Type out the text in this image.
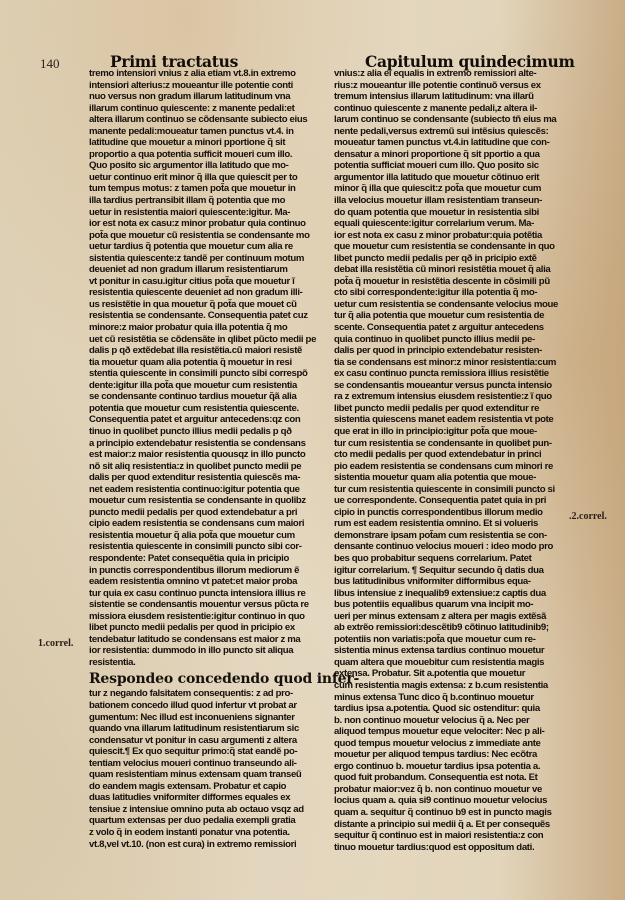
140	Primi tractatus	Capitulum quindecimum
tremo intensiori vnius z alia etiam vt.8.in extremo
intensiori alterius:z moueantur ille potentie conti
nuo versus non gradum illarum latitudinum vna
illarum continuo quiescente: z manente pedali:et
altera illarum continuo se cõdensante subiecto eius
manente pedali:moueatur tamen punctus vt.4. in
latitudine que mouetur a minori pportione q̃ sit
proportio a qua potentia sufficit moueri cum illo.
Quo posito sic argumentor illa latitudo que mo-
uetur continuo erit minor q̃ illa que quiescit per to
tum tempus motus: z tamen pot̃a que mouetur in
illa tardius pertransibit illam q̃ potentia que mo
uetur in resistentia maiori quiescente:igitur. Ma-
ior est nota ex casu:z minor probatur quia continuo
pot̃a que mouetur cũ resistentia se condensante mo
uetur tardius q̃ potentia que mouetur cum alia re
sistentia quiescente:z tandẽ per continuum motum
deueniet ad non gradum illarum resistentiarum
vt ponitur in casu.igitur citius pot̃a que mouetur ĩ
resistentia quiescente deueniet ad non gradum illi-
us resistẽtie in qua mouetur q̃ pot̃a que mouet cũ
resistentia se condensante. Consequentia patet cuz
minore:z maior probatur quia illa potentia q̃ mo
uet cũ resistẽtia se cõdensãte in qlibet pũcto medii pe
dalis p qð extẽdebat illa resistẽtia.cũ maiori resistẽ
tia mouetur quam alia potentia q̃ mouetur in resi
stentia quiescente in consimili puncto sibi correspõ
dente:igitur illa pot̃a que mouetur cum resistentia
se condensante continuo tardius mouetur q̃ã alia
potentia que mouetur cum resistentia quiescente.
Consequentia patet et arguitur antecedens:qz con
tinuo in quolibet puncto illius medii pedalis p qð
a principio extendebatur resistentia se condensans
est maior:z maior resistentia quousqz in illo puncto
nõ sit aliq resistentia:z in quolibet puncto medii pe
dalis per quod extenditur resistentia quiescẽs ma-
net eadem resistentia continuo:igitur potentia que
mouetur cum resistentia se condensante in quolibz
puncto medii pedalis per quod extendebatur a pri
cipio eadem resistentia se condensans cum maiori
resistentia mouetur q̃ alia pot̃a que mouetur cum
resistentia quiescente in consimili puncto sibi cor-
respondente: Patet consequẽtia quia in pricipio
in punctis correspondentibus illorum mediorum ẽ
eadem resistentia omnino vt patet:et maior proba
tur quia ex casu continuo puncta intensiora illius re
sistentie se condensantis mouentur versus pũcta re
missiora eiusdem resistentie:igitur continuo in quo
libet puncto medii pedalis per quod in pricipio ex
tendebatur latitudo se condensans est maior z ma
ior resistentia: dummodo in illo puncto sit aliqua
resistentia.
Respondeo concedendo quod infer-
tur z negando falsitatem consequentis: z ad pro-
bationem concedo illud quod infertur vt probat ar
gumentum: Nec illud est inconueniens signanter
quando vna illarum latitudinum resistentiarum sic
condensatur vt ponitur in casu argumenti z altera
quiescit.¶ Ex quo sequitur primo:q̃ stat eandẽ po-
tentiam velocius moueri continuo transeundo ali-
quam resistentiam minus extensam quam transeũ
do eandem magis extensam. Probatur et capio
duas latitudies vniformiter difformes equales ex
tensiue z intensiue omnino puta ab octauo vsqz ad
quartum extensas per duo pedalia exempli gratia
z volo q̃ in eodem instanti ponatur vna potentia.
vt.8,vel vt.10. (non est cura) in extremo remissiori
vnius:z alia ei equalis in extremo remissiori alte-
rius:z moueantur ille potentie continuõ versus ex
tremum intensius illarum latitudinum: vna illarũ
continuo quiescente z manente pedali,z altera il-
larum continuo se condensante (subiecto tñ eius ma
nente pedali,versus extremũ sui intẽsius quiescẽs:
moueatur tamen punctus vt.4.in latitudine que con-
densatur a minori proportione q̃ sit pportio a qua
potentia sufficiat moueri cum illo. Quo posito sic
argumentor illa latitudo que mouetur cõtinuo erit
minor q̃ illa que quiescit:z pot̃a que mouetur cum
illa velocius mouetur illam resistentiam transeun-
do quam potentia que mouetur in resistentia sibi
equali quiescente:igitur correlarium verum. Ma-
ior est nota ex casu z minor probatur:quia potẽtia
que mouetur cum resistentia se condensante in quo
libet puncto medii pedalis per qð in pricipio extẽ
debat illa resistẽtia cũ minori resistẽtia mouet q̃ alia
pot̃a q̃ mouetur in resistẽtia descente in cõsimili pũ
cto sibi correspondente:igitur illa potentia q̃ mo-
uetur cum resistentia se condensante velocius moue
tur q̃ alia potentia que mouetur cum resistentia de
scente. Consequentia patet z arguitur antecedens
quia continuo in quolibet puncto illius medii pe-
dalis per quod in principio extendebatur resisten-
tia se condensans est minor:z minor resistentia:cum
ex casu continuo puncta remissiora illius resistẽtie
se condensantis moueantur versus puncta intensio
ra z extremum intensius eiusdem resistentie:z ĩ quo
libet puncto medii pedalis per quod extenditur re
sistentia quiescens manet eadem resistentia vt pote
que erat in illo in principio:igitur pot̃a que moue-
tur cum resistentia se condensante in quolibet pun-
cto medii pedalis per quod extendebatur in princi
pio eadem resistentia se condensans cum minori re
sistentia mouetur quam alia potentia que moue-
tur cum resistentia quiescente in consimili puncto si
ue correspondente. Consequentia patet quia in pri
cipio in punctis correspondentibus illorum medio
rum est eadem resistentia omnino. Et si volueris
demonstrare ipsam pot̃am cum resistentia se con-
densante continuo velocius moueri : ideo modo pro
bes quo probabitur sequens correlarium. Patet
igitur correlarium. ¶ Sequitur secundo q̃ datis dua
bus latitudinibus vniformiter difformibus equa-
libus intensiue z inequalib9 extensiue:z captis dua
bus potentiis equalibus quarum vna incipit mo-
ueri per minus extensam z altera per magis extẽsã
ab extrẽo remissiori:descẽtib9 cõtinuo latitudinib9;
potentiis non variatis:pot̃a que mouetur cum re-
sistentia minus extensa tardius continuo mouetur
quam altera que mouebitur cum resistentia magis
extensa. Probatur. Sit a.potentia que mouetur
cum resistentia magis extensa: z b.cum resistentia
minus extensa Tunc dico q̃ b.continuo mouetur
tardius ipsa a.potentia. Quod sic ostenditur: quia
b. non continuo mouetur velocius q̃ a. Nec per
aliquod tempus mouetur eque velociter: Nec p ali-
quod tempus mouetur velocius z immediate ante
mouetur per aliquod tempus tardius: Nec ecõtra
ergo continuo b. mouetur tardius ipsa potentia a.
quod fuit probandum. Consequentia est nota. Et
probatur maior:vez q̃ b. non continuo mouetur ve
locius quam a. quia si9 continuo mouetur velocius
quam a. sequitur q̃ continuo b9 est in puncto magis
distante a principio sui medii q̃ a. Et per consequẽs
sequitur q̃ continuo est in maiori resistentia:z con
tinuo mouetur tardius:quod est oppositum dati.
1.correl.
.2.correl.
